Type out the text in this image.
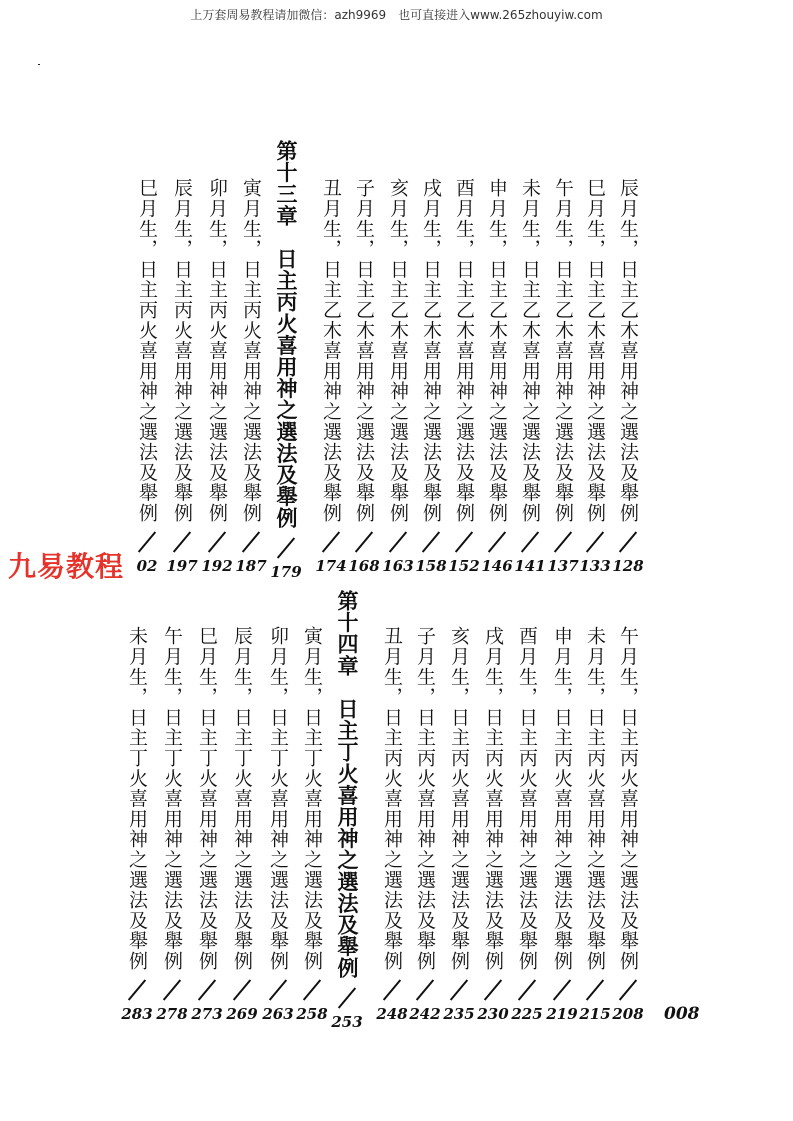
上万套周易教程请加微信：azh9969　也可直接进入www.265zhouyiw.com
九易教程
008
辰月生，日主乙木喜用神之選法及舉例
128
巳月生，日主乙木喜用神之選法及舉例
133
午月生，日主乙木喜用神之選法及舉例
137
未月生，日主乙木喜用神之選法及舉例
141
申月生，日主乙木喜用神之選法及舉例
146
酉月生，日主乙木喜用神之選法及舉例
152
戌月生，日主乙木喜用神之選法及舉例
158
亥月生，日主乙木喜用神之選法及舉例
163
子月生，日主乙木喜用神之選法及舉例
168
丑月生，日主乙木喜用神之選法及舉例
174
第十三章　日主丙火喜用神之選法及舉例
179
寅月生，日主丙火喜用神之選法及舉例
187
卯月生，日主丙火喜用神之選法及舉例
192
辰月生，日主丙火喜用神之選法及舉例
197
巳月生，日主丙火喜用神之選法及舉例
02
午月生，日主丙火喜用神之選法及舉例
208
未月生，日主丙火喜用神之選法及舉例
215
申月生，日主丙火喜用神之選法及舉例
219
酉月生，日主丙火喜用神之選法及舉例
225
戌月生，日主丙火喜用神之選法及舉例
230
亥月生，日主丙火喜用神之選法及舉例
235
子月生，日主丙火喜用神之選法及舉例
242
丑月生，日主丙火喜用神之選法及舉例
248
第十四章　日主丁火喜用神之選法及舉例
253
寅月生，日主丁火喜用神之選法及舉例
258
卯月生，日主丁火喜用神之選法及舉例
263
辰月生，日主丁火喜用神之選法及舉例
269
巳月生，日主丁火喜用神之選法及舉例
273
午月生，日主丁火喜用神之選法及舉例
278
未月生，日主丁火喜用神之選法及舉例
283
